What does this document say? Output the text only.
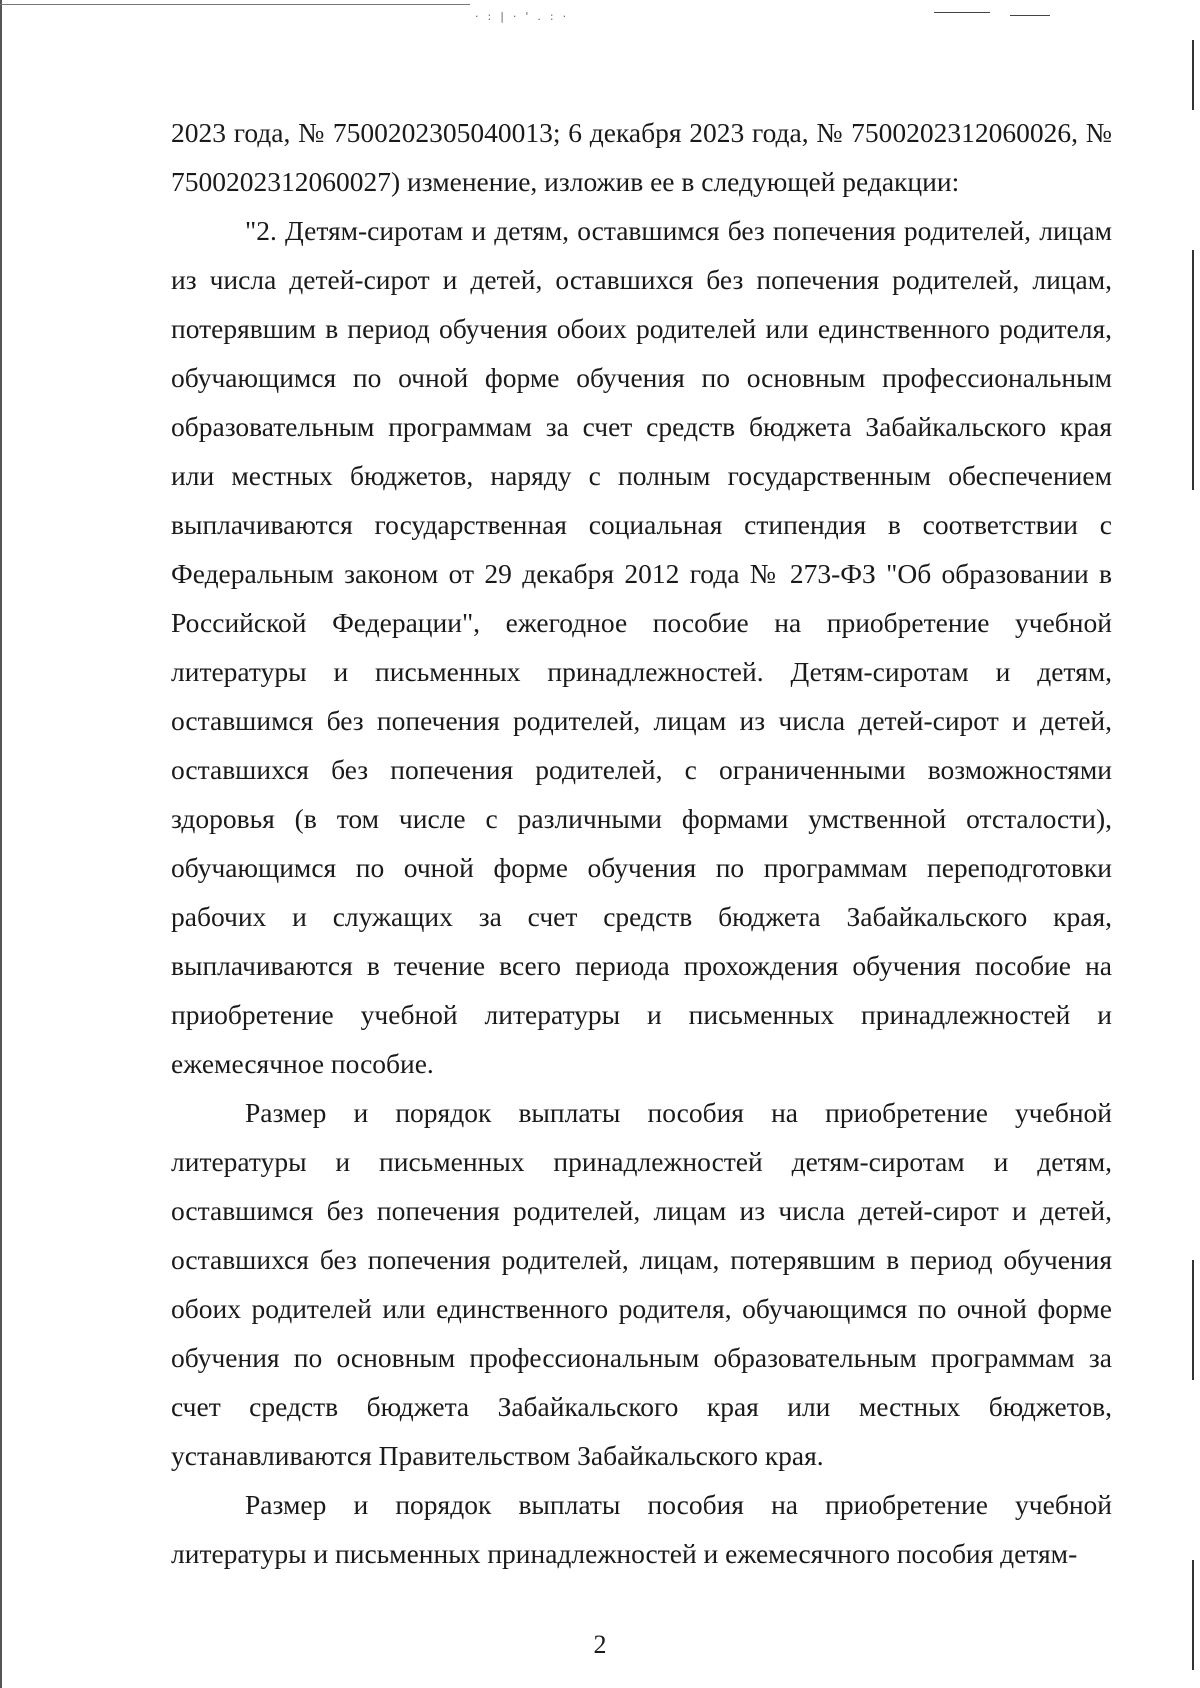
·:|·'.:·

2023 года, № 7500202305040013; 6 декабря 2023 года, № 7500202312060026, № 7500202312060027) изменение, изложив ее в следующей редакции:

"2. Детям-сиротам и детям, оставшимся без попечения родителей, лицам из числа детей-сирот и детей, оставшихся без попечения родителей, лицам, потерявшим в период обучения обоих родителей или единственного родителя, обучающимся по очной форме обучения по основным профессиональным образовательным программам за счет средств бюджета Забайкальского края или местных бюджетов, наряду с полным государственным обеспечением выплачиваются государственная социальная стипендия в соответствии с Федеральным законом от 29 декабря 2012 года № 273-ФЗ "Об образовании в Российской Федерации", ежегодное пособие на приобретение учебной литературы и письменных принадлежностей. Детям-сиротам и детям, оставшимся без попечения родителей, лицам из числа детей-сирот и детей, оставшихся без попечения родителей, с ограниченными возможностями здоровья (в том числе с различными формами умственной отсталости), обучающимся по очной форме обучения по программам переподготовки рабочих и служащих за счет средств бюджета Забайкальского края, выплачиваются в течение всего периода прохождения обучения пособие на приобретение учебной литературы и письменных принадлежностей и ежемесячное пособие.

Размер и порядок выплаты пособия на приобретение учебной литературы и письменных принадлежностей детям-сиротам и детям, оставшимся без попечения родителей, лицам из числа детей-сирот и детей, оставшихся без попечения родителей, лицам, потерявшим в период обучения обоих родителей или единственного родителя, обучающимся по очной форме обучения по основным профессиональным образовательным программам за счет средств бюджета Забайкальского края или местных бюджетов, устанавливаются Правительством Забайкальского края.

Размер и порядок выплаты пособия на приобретение учебной литературы и письменных принадлежностей и ежемесячного пособия детям-

2
